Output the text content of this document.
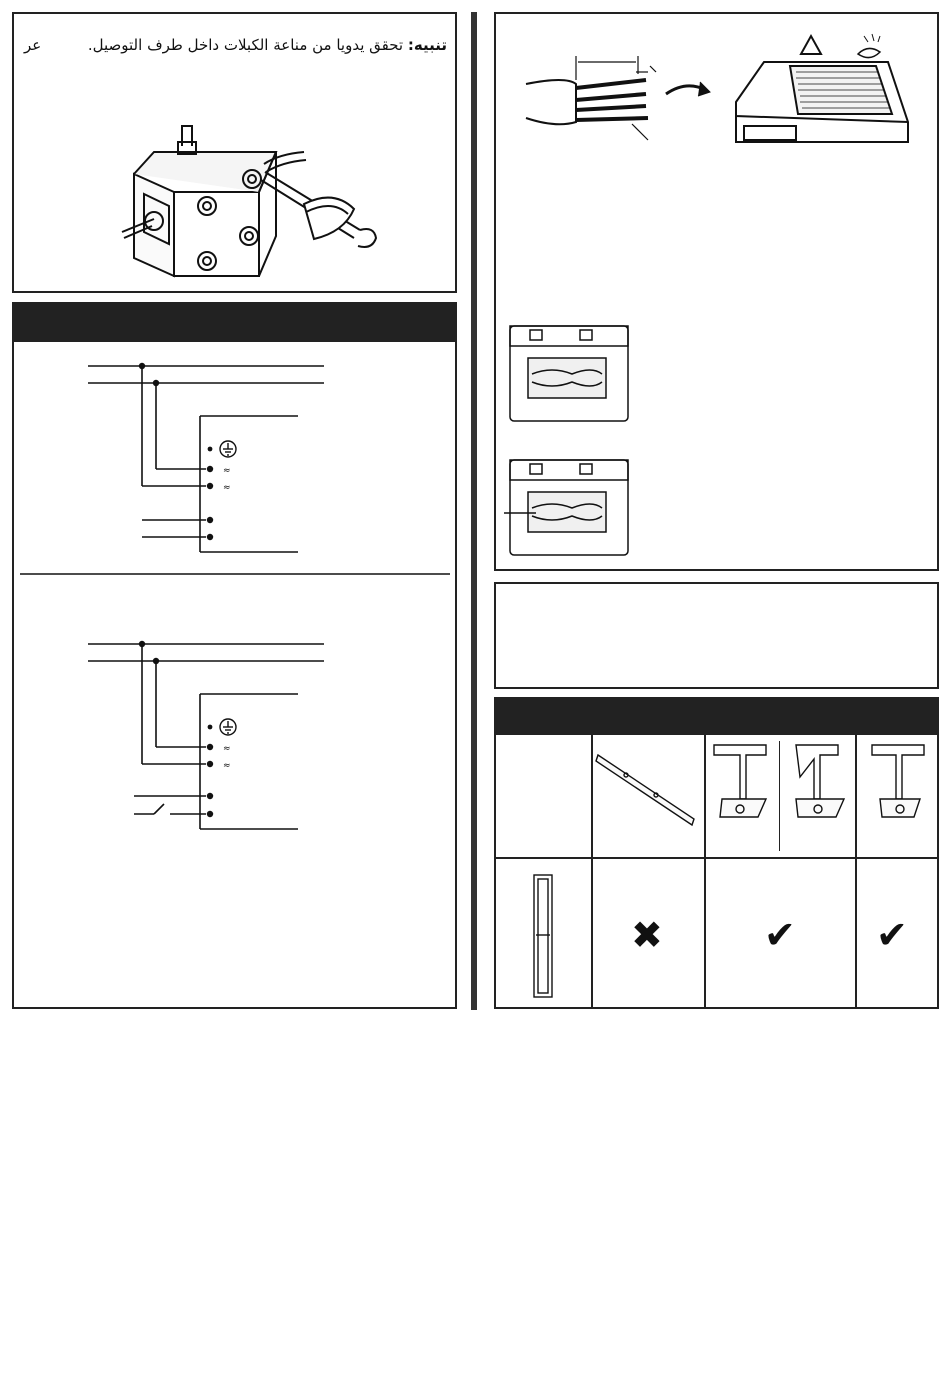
تنبيه: تحقق يدويا من مناعة الكبلات داخل طرف التوصيل.
عر
≈
≈
≈
≈
✖	✔ ✔
